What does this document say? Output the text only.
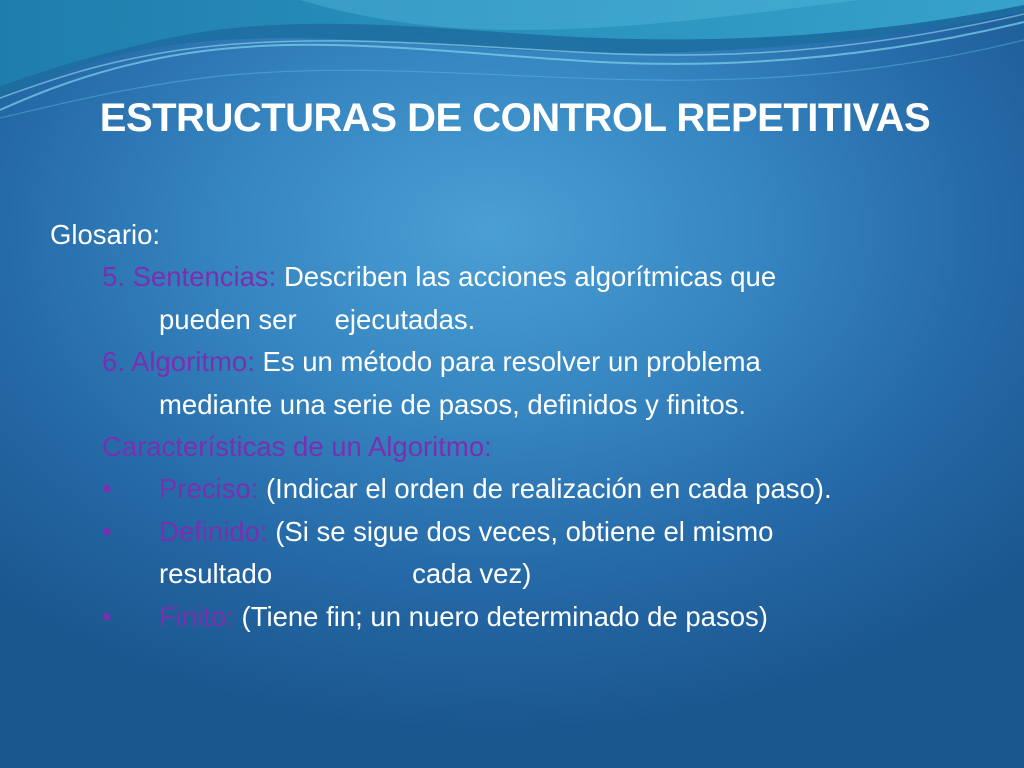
ESTRUCTURAS DE CONTROL REPETITIVAS
Glosario:
5. Sentencias: Describen las acciones algorítmicas que
pueden ser ejecutadas.
6. Algoritmo: Es un método para resolver un problema
mediante una serie de pasos, definidos y finitos.
Características de un Algoritmo:
• Preciso: (Indicar el orden de realización en cada paso).
• Definido: (Si se sigue dos veces, obtiene el mismo
resultado	cada vez)
• Finito: (Tiene fin; un nuero determinado de pasos)
